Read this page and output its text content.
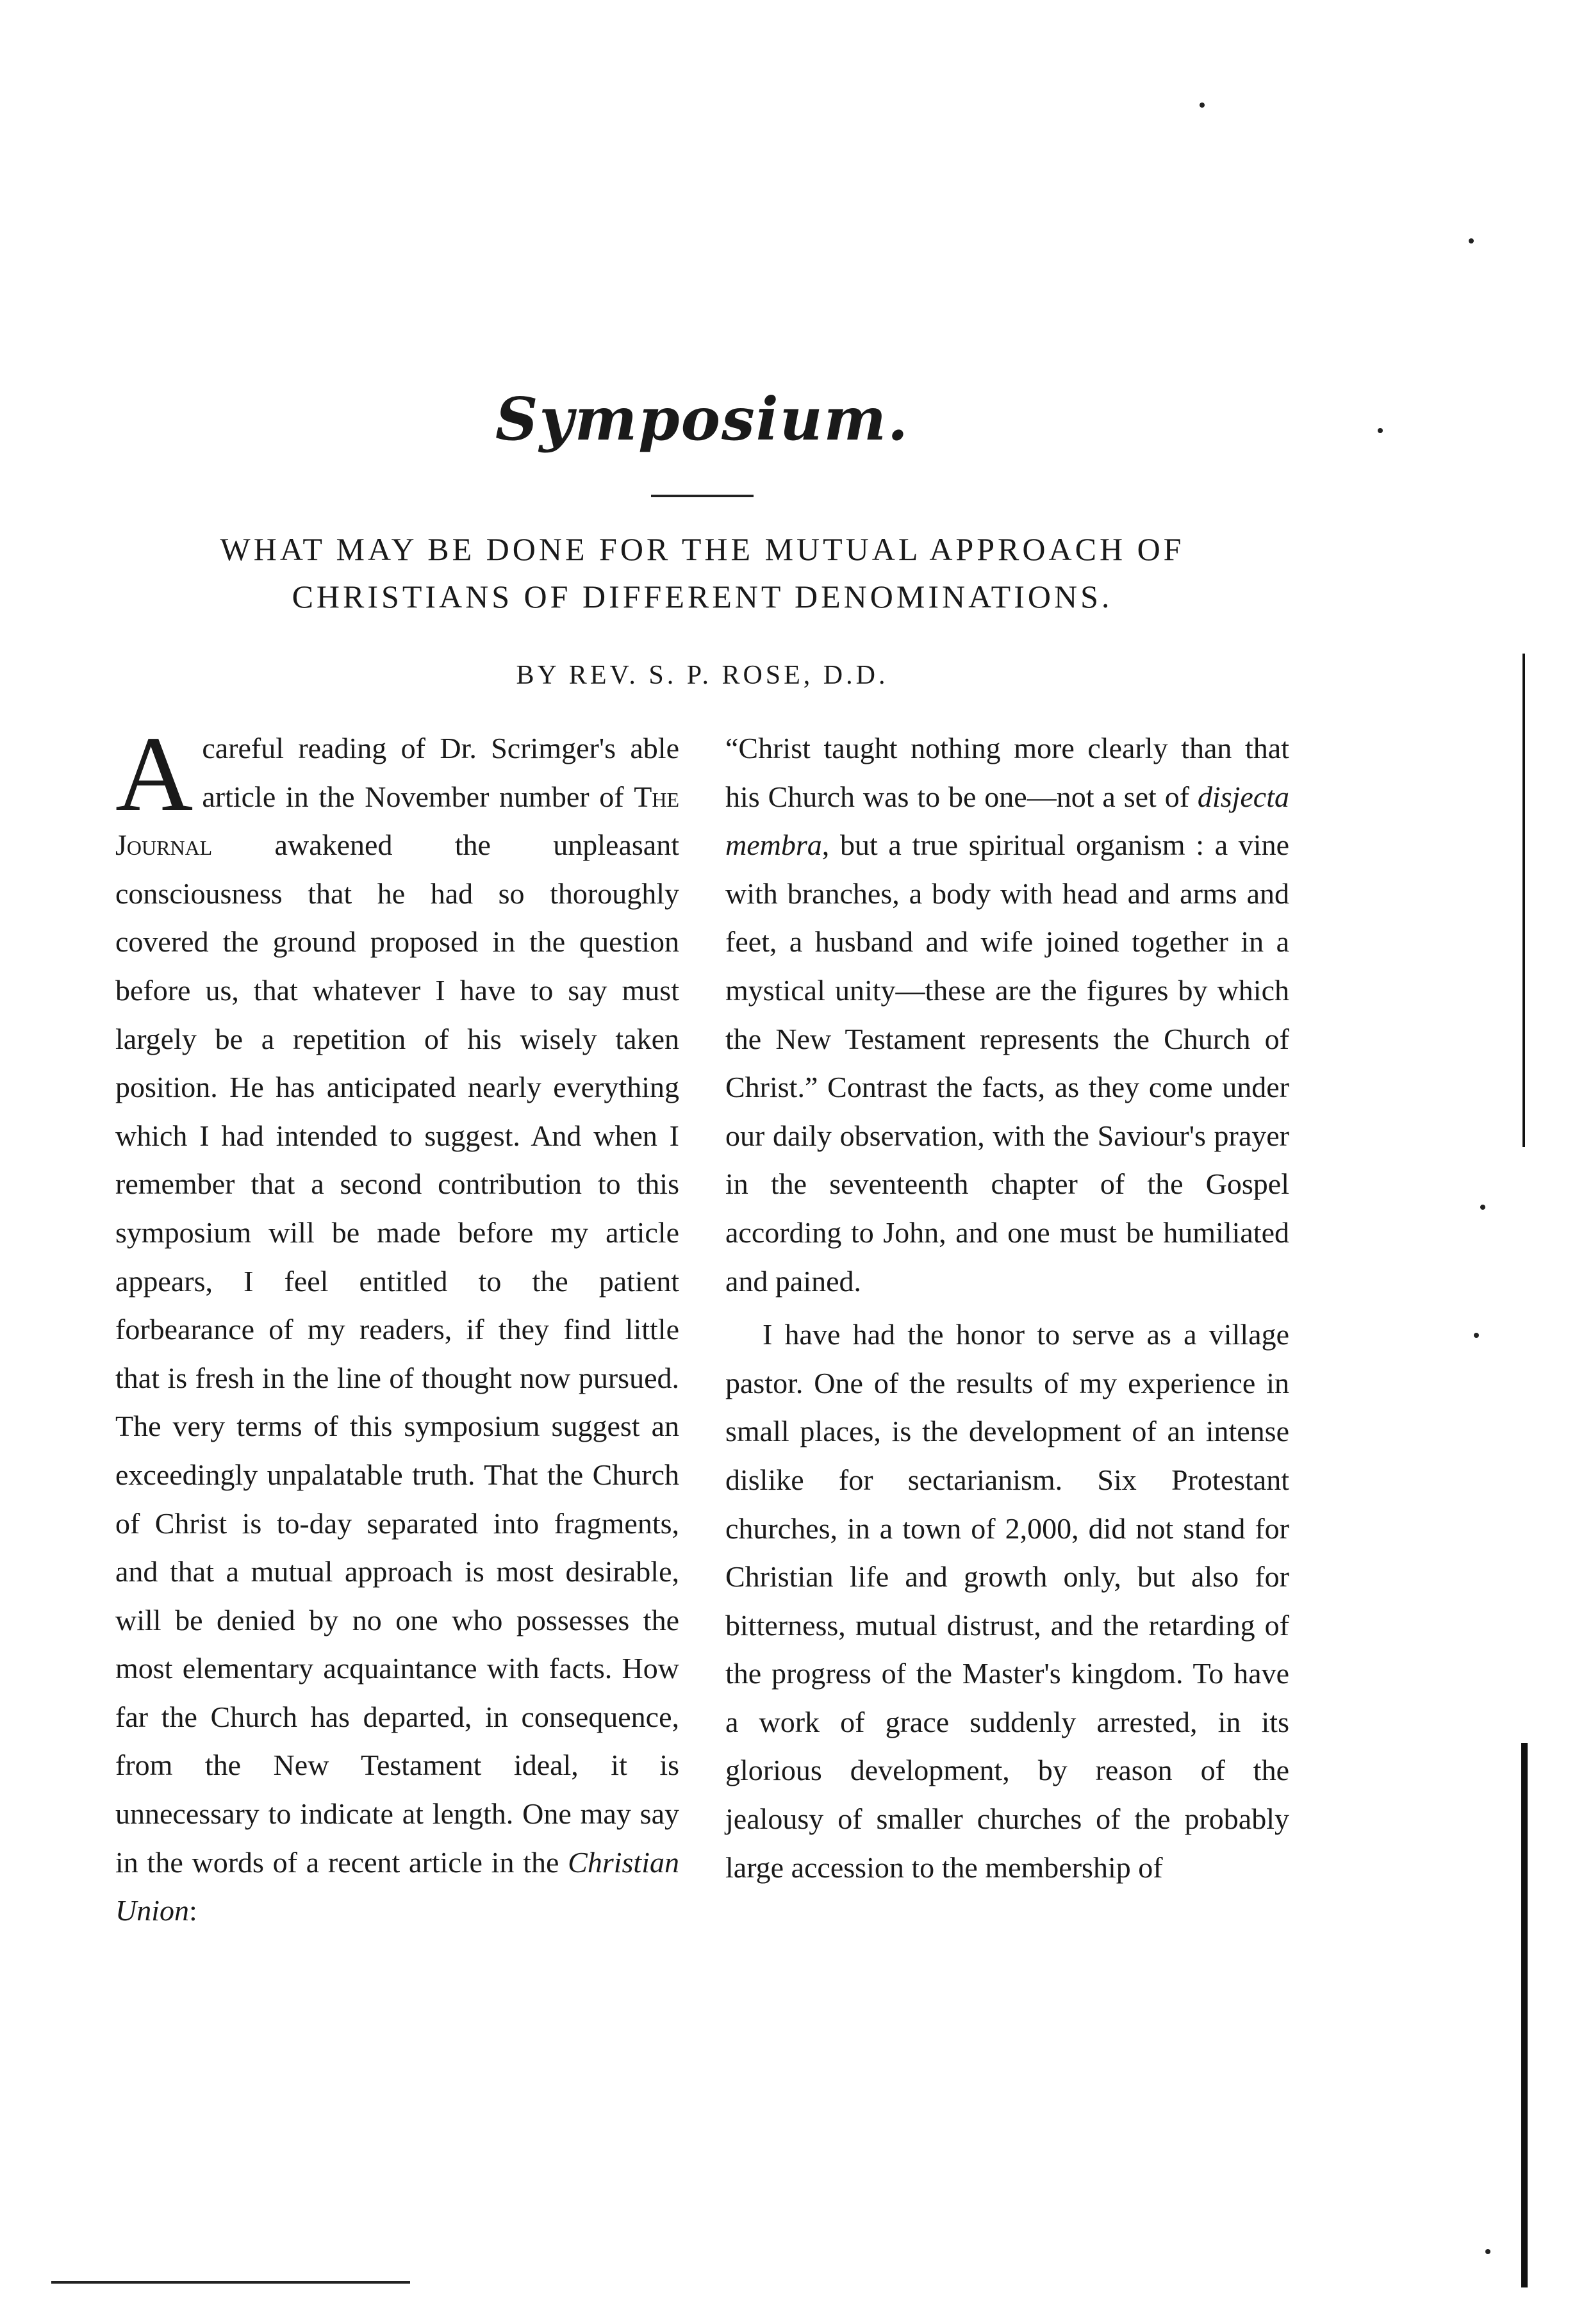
Symposium.
WHAT MAY BE DONE FOR THE MUTUAL APPROACH OF
CHRISTIANS OF DIFFERENT DENOMINATIONS.
BY REV. S. P. ROSE, D.D.

Acareful reading of Dr. Scrimger's able article in the November number of The Journal awakened the unpleasant consciousness that he had so thoroughly covered the ground proposed in the question before us, that whatever I have to say must largely be a repetition of his wisely taken position. He has anticipated nearly everything which I had intended to suggest. And when I remember that a second contribution to this symposium will be made before my article appears, I feel entitled to the patient forbearance of my readers, if they find little that is fresh in the line of thought now pursued. The very terms of this symposium suggest an exceedingly unpalatable truth. That the Church of Christ is to-day separated into fragments, and that a mutual approach is most desirable, will be denied by no one who possesses the most elementary acquaintance with facts. How far the Church has departed, in consequence, from the New Testament ideal, it is unnecessary to indicate at length. One may say in the words of a recent article in the Christian Union:

“Christ taught nothing more clearly than that his Church was to be one—not a set of disjecta membra, but a true spiritual organism : a vine with branches, a body with head and arms and feet, a husband and wife joined together in a mystical unity—these are the figures by which the New Testament represents the Church of Christ.” Contrast the facts, as they come under our daily observation, with the Saviour's prayer in the seventeenth chapter of the Gospel according to John, and one must be humiliated and pained.

I have had the honor to serve as a village pastor. One of the results of my experience in small places, is the development of an intense dislike for sectarianism. Six Protestant churches, in a town of 2,000, did not stand for Christian life and growth only, but also for bitterness, mutual distrust, and the retarding of the progress of the Master's kingdom. To have a work of grace suddenly arrested, in its glorious development, by reason of the jealousy of smaller churches of the probably large accession to the membership of
